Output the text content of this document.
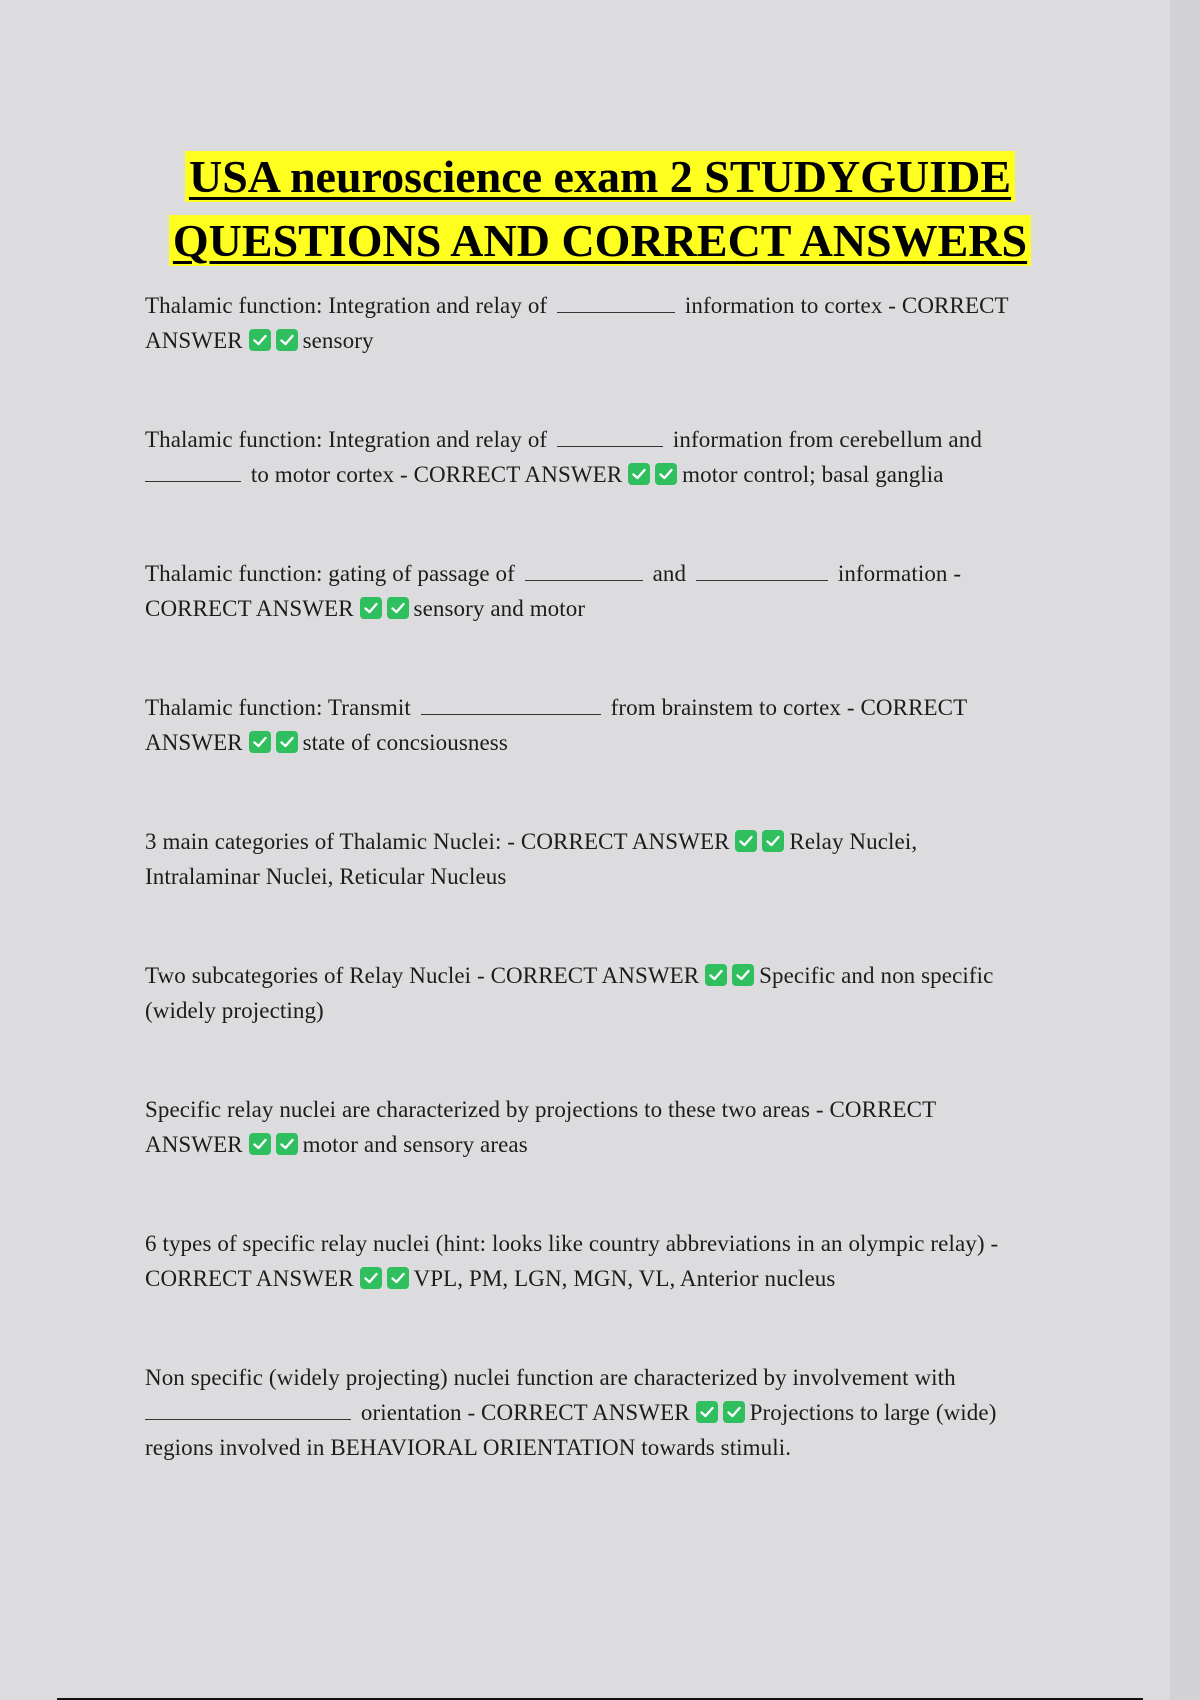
USA neuroscience exam 2 STUDYGUIDE
QUESTIONS AND CORRECT ANSWERS
Thalamic function: Integration and relay of	information to cortex - CORRECT
ANSWER	sensory
Thalamic function: Integration and relay of	information from cerebellum and
to motor cortex - CORRECT ANSWER	motor control; basal ganglia
Thalamic function: gating of passage of	and	information -
CORRECT ANSWER	sensory and motor
Thalamic function: Transmit	from brainstem to cortex - CORRECT
ANSWER	state of concsiousness
3 main categories of Thalamic Nuclei: - CORRECT ANSWER	Relay Nuclei,
Intralaminar Nuclei, Reticular Nucleus
Two subcategories of Relay Nuclei - CORRECT ANSWER	Specific and non specific
(widely projecting)
Specific relay nuclei are characterized by projections to these two areas - CORRECT
ANSWER	motor and sensory areas
6 types of specific relay nuclei (hint: looks like country abbreviations in an olympic relay) -
CORRECT ANSWER	VPL, PM, LGN, MGN, VL, Anterior nucleus
Non specific (widely projecting) nuclei function are characterized by involvement with
orientation - CORRECT ANSWER	Projections to large (wide)
regions involved in BEHAVIORAL ORIENTATION towards stimuli.
